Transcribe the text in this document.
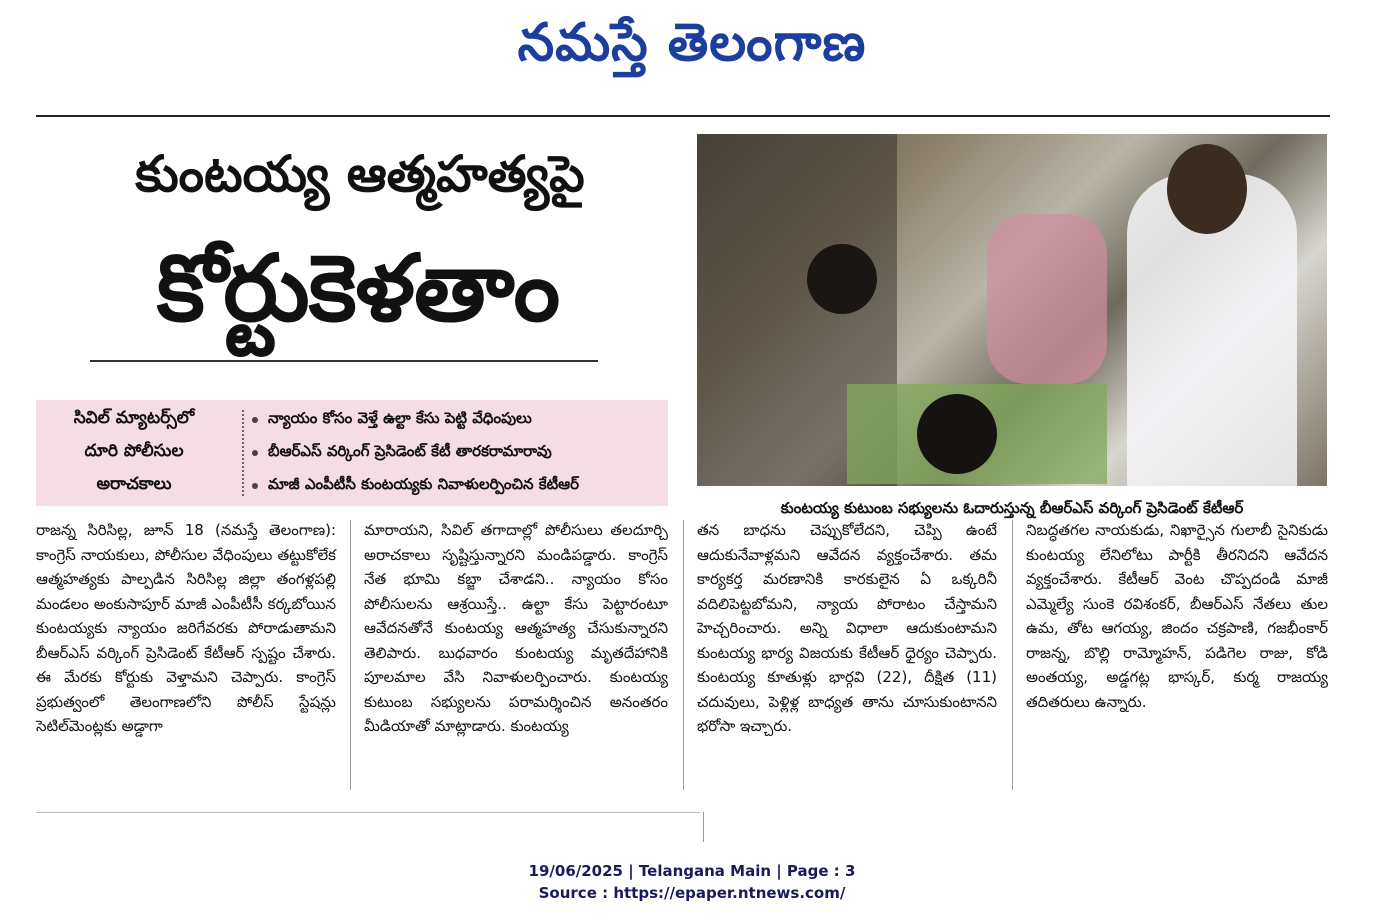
నమస్తే తెలంగాణ
కుంటయ్య ఆత్మహత్యపై
కోర్టుకెళతాం
సివిల్ మ్యాటర్స్‌లో
దూరి పోలీసుల
అరాచకాలు
న్యాయం కోసం వెళ్తే ఉల్టా కేసు పెట్టి వేధింపులు
బీఆర్‌ఎస్ వర్కింగ్ ప్రెసిడెంట్ కేటీ తారకరామారావు
మాజీ ఎంపీటీసీ కుంటయ్యకు నివాళులర్పించిన కేటీఆర్
కుంటయ్య కుటుంబ సభ్యులను ఓదారుస్తున్న బీఆర్‌ఎస్ వర్కింగ్ ప్రెసిడెంట్ కేటీఆర్
రాజన్న సిరిసిల్ల, జూన్ 18 (నమస్తే తెలంగాణ): కాంగ్రెస్ నాయకులు, పోలీసుల వేధింపులు తట్టుకోలేక ఆత్మహత్యకు పాల్పడిన సిరిసిల్ల జిల్లా తంగళ్లపల్లి మండలం అంకుసాపూర్ మాజీ ఎంపీటీసీ కర్కబోయిన కుంటయ్యకు న్యాయం జరిగేవరకు పోరాడుతామని బీఆర్‌ఎస్ వర్కింగ్ ప్రెసిడెంట్ కేటీఆర్ స్పష్టం చేశారు. ఈ మేరకు కోర్టుకు వెళ్తామని చెప్పారు. కాంగ్రెస్ ప్రభుత్వంలో తెలంగాణలోని పోలీస్ స్టేషన్లు సెటిల్‌మెంట్లకు అడ్డాగా
మారాయని, సివిల్ తగాదాల్లో పోలీసులు తలదూర్చి అరాచకాలు సృష్టిస్తున్నారని మండిపడ్డారు. కాంగ్రెస్ నేత భూమి కబ్జా చేశాడని.. న్యాయం కోసం పోలీసులను ఆశ్రయిస్తే.. ఉల్టా కేసు పెట్టారంటూ ఆవేదనతోనే కుంటయ్య ఆత్మహత్య చేసుకున్నారని తెలిపారు. బుధవారం కుంటయ్య మృతదేహానికి పూలమాల వేసి నివాళులర్పించారు. కుంటయ్య కుటుంబ సభ్యులను పరామర్శించిన అనంతరం మీడియాతో మాట్లాడారు. కుంటయ్య
తన బాధను చెప్పుకోలేదని, చెప్పి ఉంటే ఆదుకునేవాళ్లమని ఆవేదన వ్యక్తంచేశారు. తమ కార్యకర్త మరణానికి కారకులైన ఏ ఒక్కరినీ వదిలిపెట్టబోమని, న్యాయ పోరాటం చేస్తామని హెచ్చరించారు. అన్ని విధాలా ఆదుకుంటామని కుంటయ్య భార్య విజయకు కేటీఆర్ ధైర్యం చెప్పారు. కుంటయ్య కూతుళ్లు భార్గవి (22), దీక్షిత (11) చదువులు, పెళ్లిళ్ల బాధ్యత తాను చూసుకుంటానని భరోసా ఇచ్చారు.
నిబద్ధతగల నాయకుడు, నిఖార్సైన గులాబీ సైనికుడు కుంటయ్య లేనిలోటు పార్టీకి తీరనిదని ఆవేదన వ్యక్తంచేశారు. కేటీఆర్ వెంట చొప్పదండి మాజీ ఎమ్మెల్యే సుంకె రవిశంకర్, బీఆర్‌ఎస్ నేతలు తుల ఉమ, తోట ఆగయ్య, జిందం చక్రపాణి, గజభీంకార్ రాజన్న, బొల్లి రామ్మోహన్, పడిగెల రాజు, కోడి అంతయ్య, అడ్డగట్ల భాస్కర్, కుర్మ రాజయ్య తదితరులు ఉన్నారు.
19/06/2025 | Telangana Main | Page : 3
Source : https://epaper.ntnews.com/
